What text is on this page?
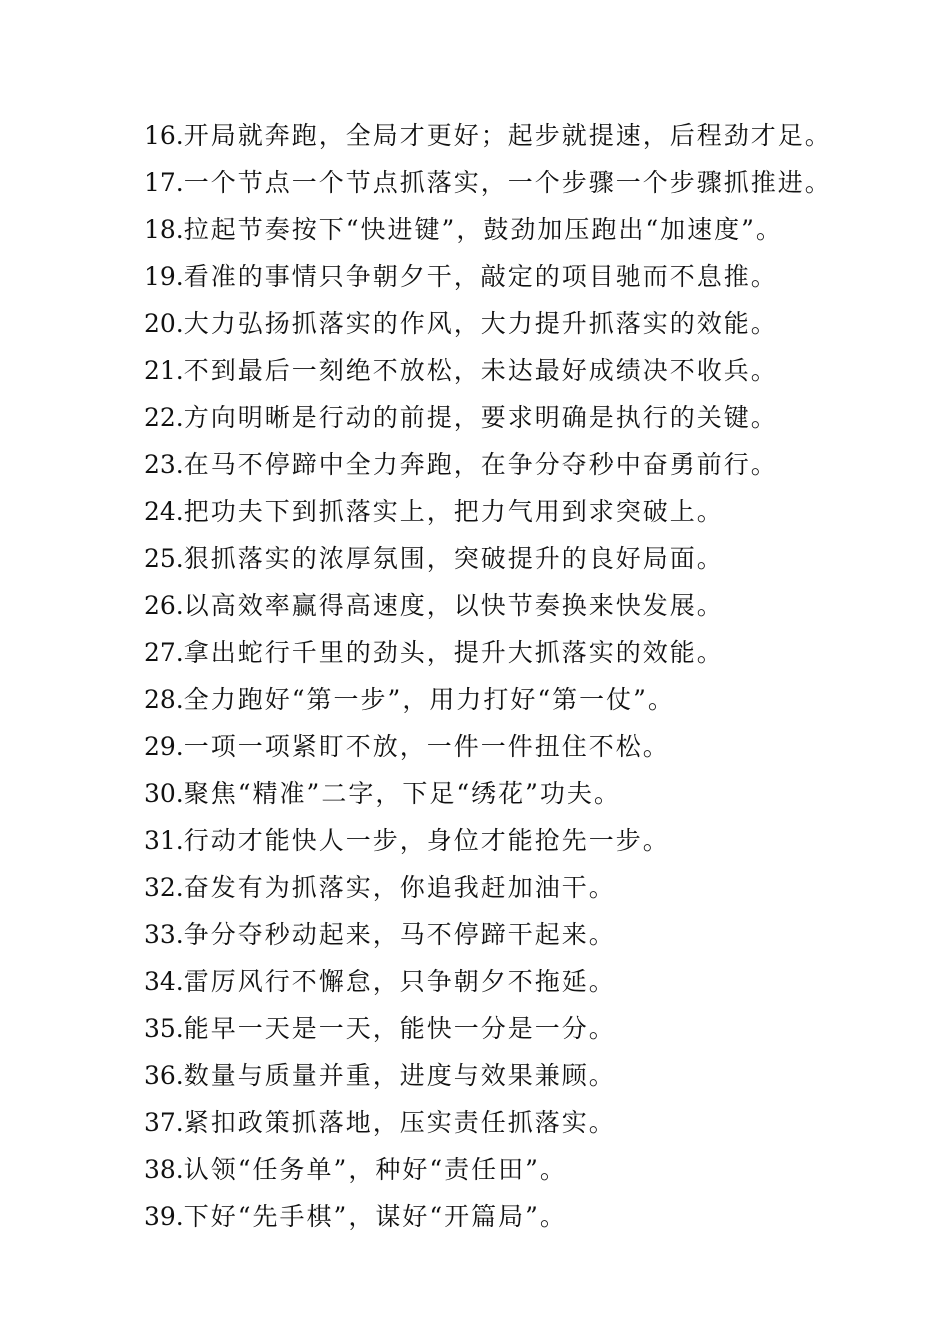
16.开局就奔跑，全局才更好；起步就提速，后程劲才足。
17.一个节点一个节点抓落实，一个步骤一个步骤抓推进。
18.拉起节奏按下“快进键”，鼓劲加压跑出“加速度”。
19.看准的事情只争朝夕干，敲定的项目驰而不息推。
20.大力弘扬抓落实的作风，大力提升抓落实的效能。
21.不到最后一刻绝不放松，未达最好成绩决不收兵。
22.方向明晰是行动的前提，要求明确是执行的关键。
23.在马不停蹄中全力奔跑，在争分夺秒中奋勇前行。
24.把功夫下到抓落实上，把力气用到求突破上。
25.狠抓落实的浓厚氛围，突破提升的良好局面。
26.以高效率赢得高速度，以快节奏换来快发展。
27.拿出蛇行千里的劲头，提升大抓落实的效能。
28.全力跑好“第一步”，用力打好“第一仗”。
29.一项一项紧盯不放，一件一件扭住不松。
30.聚焦“精准”二字，下足“绣花”功夫。
31.行动才能快人一步，身位才能抢先一步。
32.奋发有为抓落实，你追我赶加油干。
33.争分夺秒动起来，马不停蹄干起来。
34.雷厉风行不懈怠，只争朝夕不拖延。
35.能早一天是一天，能快一分是一分。
36.数量与质量并重，进度与效果兼顾。
37.紧扣政策抓落地，压实责任抓落实。
38.认领“任务单”，种好“责任田”。
39.下好“先手棋”，谋好“开篇局”。
